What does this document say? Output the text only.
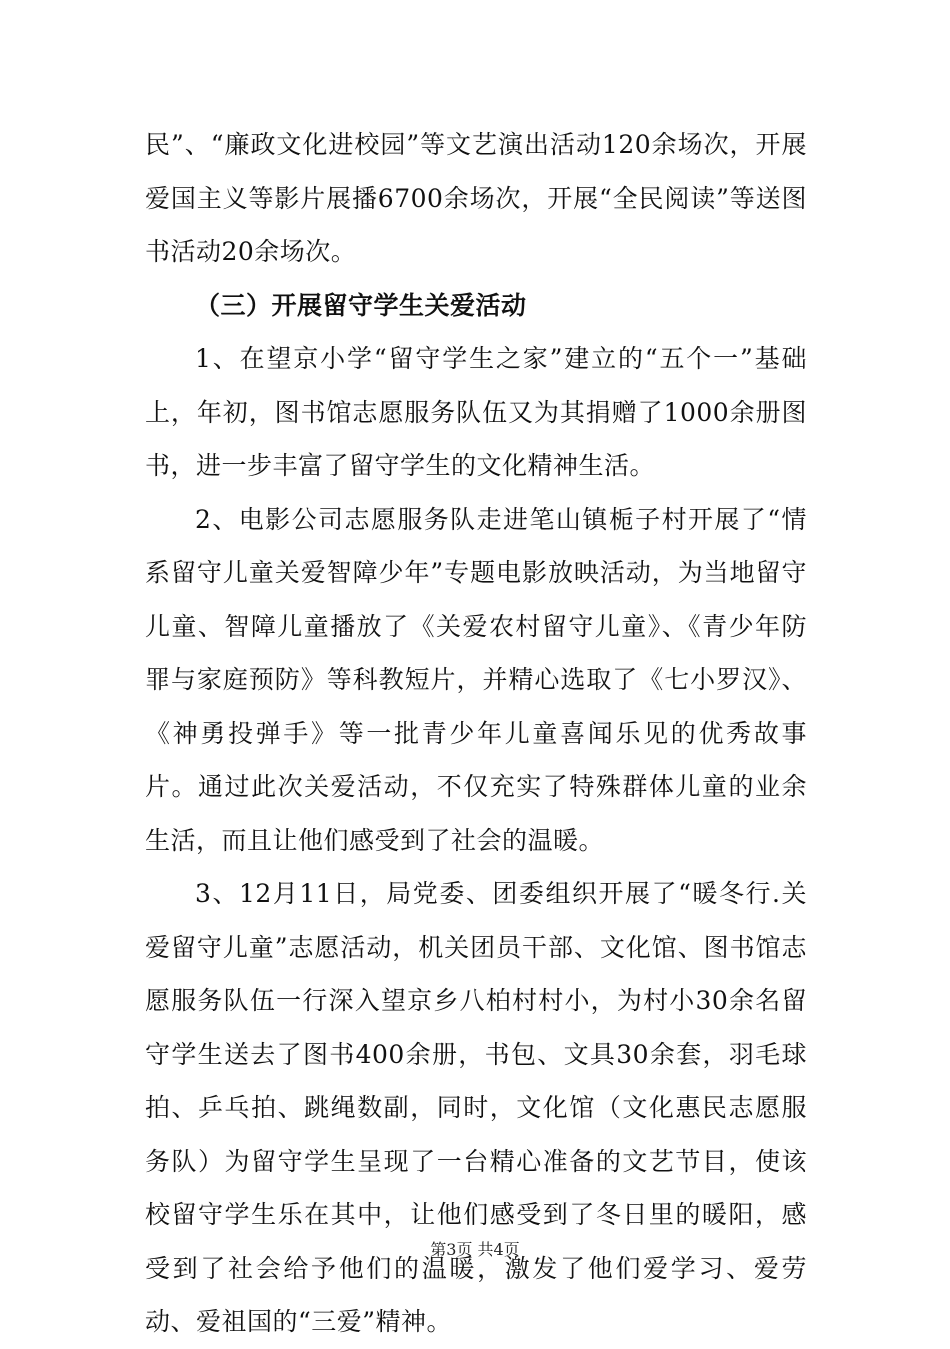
民”、“廉政文化进校园”等文艺演出活动120余场次，开展爱国主义等影片展播6700余场次，开展“全民阅读”等送图书活动20余场次。

（三）开展留守学生关爱活动

1、在望京小学“留守学生之家”建立的“五个一”基础上，年初，图书馆志愿服务队伍又为其捐赠了1000余册图书，进一步丰富了留守学生的文化精神生活。

2、电影公司志愿服务队走进笔山镇栀子村开展了“情系留守儿童关爱智障少年”专题电影放映活动，为当地留守儿童、智障儿童播放了《关爱农村留守儿童》、《青少年防罪与家庭预防》等科教短片，并精心选取了《七小罗汉》、《神勇投弹手》等一批青少年儿童喜闻乐见的优秀故事片。通过此次关爱活动，不仅充实了特殊群体儿童的业余生活，而且让他们感受到了社会的温暖。

3、12月11日，局党委、团委组织开展了“暖冬行.关爱留守儿童”志愿活动，机关团员干部、文化馆、图书馆志愿服务队伍一行深入望京乡八柏村村小，为村小30余名留守学生送去了图书400余册，书包、文具30余套，羽毛球拍、乒乓拍、跳绳数副，同时，文化馆（文化惠民志愿服务队）为留守学生呈现了一台精心准备的文艺节目，使该校留守学生乐在其中，让他们感受到了冬日里的暖阳，感受到了社会给予他们的温暖，激发了他们爱学习、爱劳动、爱祖国的“三爱”精神。

第3页 共4页
